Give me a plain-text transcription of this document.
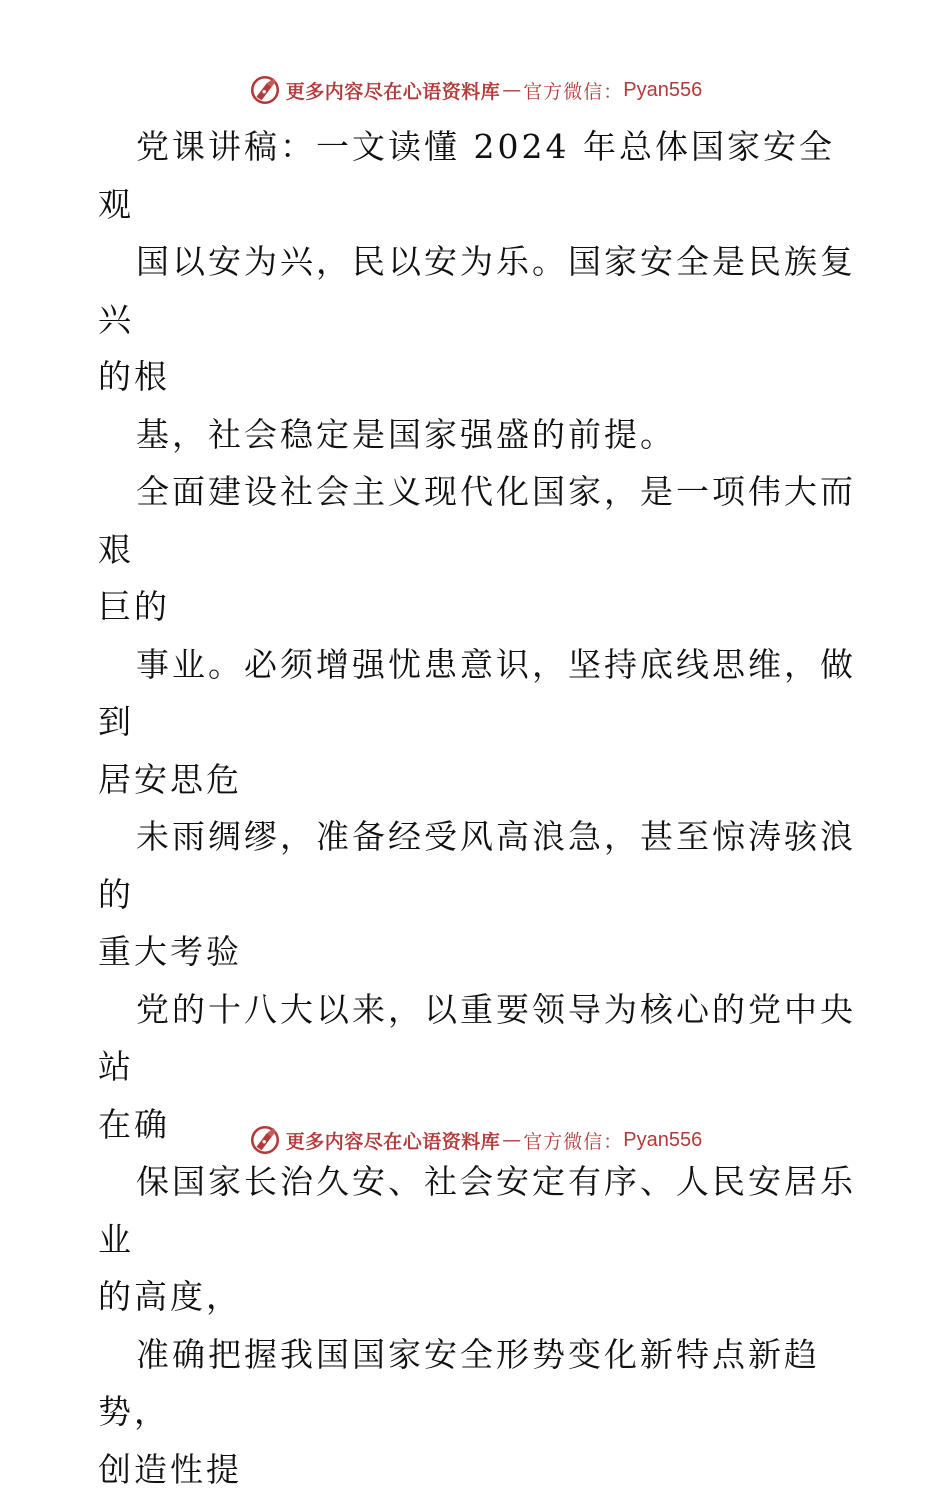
更多内容尽在心语资料库 — 官方微信： Pyan556

党课讲稿：一文读懂 2024 年总体国家安全观

国以安为兴，民以安为乐。国家安全是民族复兴

的根

基，社会稳定是国家强盛的前提。

全面建设社会主义现代化国家，是一项伟大而艰

巨的

事业。必须增强忧患意识，坚持底线思维，做到

居安思危

未雨绸缪，准备经受风高浪急，甚至惊涛骇浪的

重大考验

党的十八大以来，以重要领导为核心的党中央站

在确

保国家长治久安、社会安定有序、人民安居乐业

的高度，

准确把握我国国家安全形势变化新特点新趋势，

创造性提

更多内容尽在心语资料库 — 官方微信： Pyan556
